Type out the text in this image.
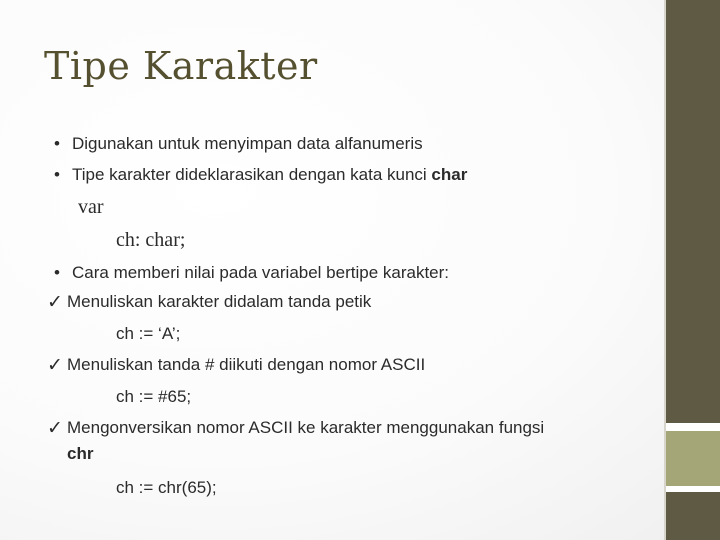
Tipe Karakter
• Digunakan untuk menyimpan data alfanumeris
• Tipe karakter dideklarasikan dengan kata kunci char
var
ch: char;
• Cara memberi nilai pada variabel bertipe karakter:
✓ Menuliskan karakter didalam tanda petik
ch := ‘A’;
✓ Menuliskan tanda # diikuti dengan nomor ASCII
ch := #65;
✓ Mengonversikan nomor ASCII ke karakter menggunakan fungsi
chr
ch := chr(65);
